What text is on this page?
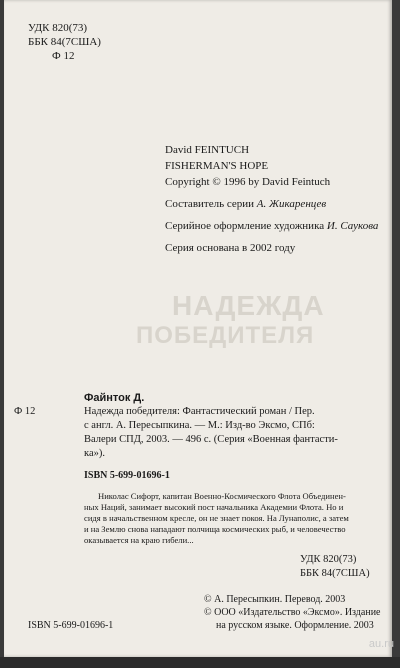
УДК 820(73)
ББК 84(7США)
Ф 12
David FEINTUCH
FISHERMAN'S HOPE
Copyright © 1996 by David Feintuch
Составитель серии А. Жикаренцев
Серийное оформление художника И. Саукова
Серия основана в 2002 году
НАДЕЖДА
ПОБЕДИТЕЛЯ
Файнток Д.
Ф 12	Надежда победителя: Фантастический роман / Пер.
с англ. А. Пересыпкина. — М.: Изд-во Эксмо, СПб:
Валери СПД, 2003. — 496 с. (Серия «Военная фантасти-
ка»).
ISBN 5-699-01696-1
Николас Сифорт, капитан Военно-Космического Флота Объединен-
ных Наций, занимает высокий пост начальника Академии Флота. Но и
сидя в начальственном кресле, он не знает покоя. На Лунаполис, а затем
и на Землю снова нападают полчища космических рыб, и человечество
оказывается на краю гибели...
УДК 820(73)
ББК 84(7США)
© А. Пересыпкин. Перевод. 2003
© ООО «Издательство «Эксмо». Издание
на русском языке. Оформление. 2003
ISBN 5-699-01696-1
au.ru
